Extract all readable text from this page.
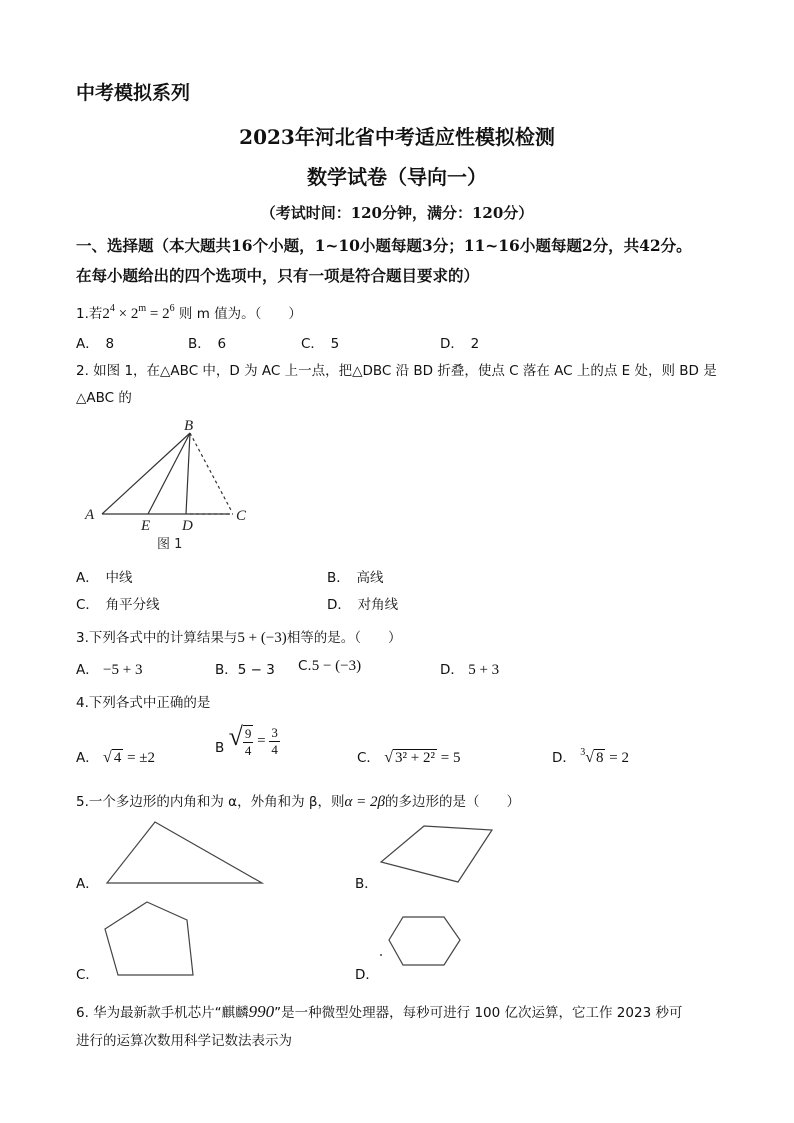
中考模拟系列
2023年河北省中考适应性模拟检测
数学试卷（导向一）
（考试时间：120分钟，满分：120分）
一、选择题（本大题共16个小题，1~10小题每题3分；11~16小题每题2分，共42分。
在每小题给出的四个选项中，只有一项是符合题目要求的）
1.若$2^4 \times 2^m = 2^6$ 则 m 值为。（　　）
A．　8	B．　6	C．　5	D．　2
2. 如图 1，在△ABC 中，D 为 AC 上一点，把△DBC 沿 BD 折叠，使点 C 落在 AC 上的点 E 处，则 BD 是
△ABC 的
A
B
C
D
E
图 1
A．　中线	B．　高线
C．　角平分线	D．　对角线
3.下列各式中的计算结果与5 + (−3)相等的是。（　　）
A． −5 + 3	B．5 − 3 C.5 − (−3)	D． 5 + 3
4.下列各式中正确的是
A． √ 4 = ±2
B √ $\frac{9}{4} = \frac{3}{4}$	C． √ 3² + 2² = 5	D． $^3$√ 8 = 2
5.一个多边形的内角和为 α，外角和为 β，则α = 2β的多边形的是（　　）
A．	B．
C．	D．
6. 华为最新款手机芯片“麒麟990”是一种微型处理器，每秒可进行 100 亿次运算，它工作 2023 秒可
进行的运算次数用科学记数法表示为
